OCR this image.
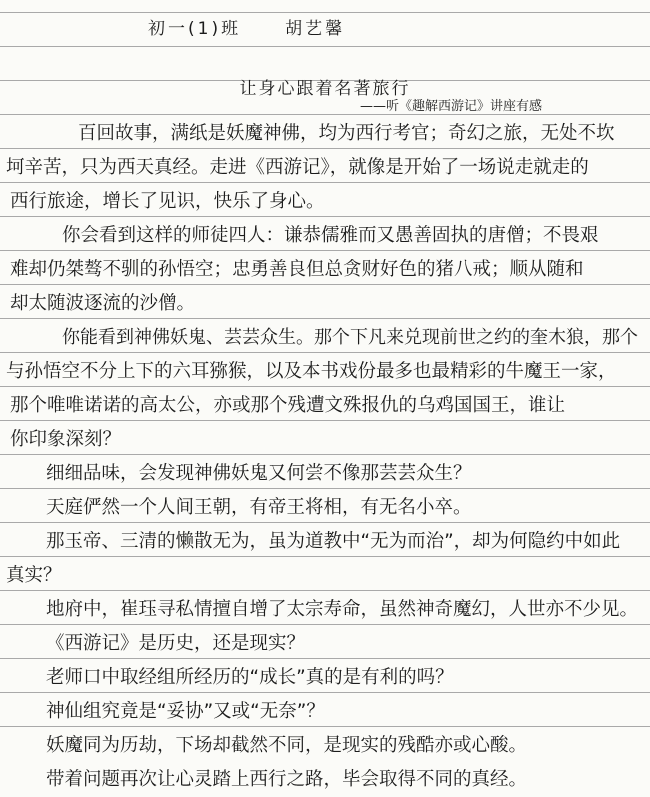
初一(1)班	胡艺馨
让身心跟着名著旅行
——听《趣解西游记》讲座有感
百回故事，满纸是妖魔神佛，均为西行考官；奇幻之旅，无处不坎
坷辛苦，只为西天真经。走进《西游记》，就像是开始了一场说走就走的
西行旅途，增长了见识，快乐了身心。
你会看到这样的师徒四人：谦恭儒雅而又愚善固执的唐僧；不畏艰
难却仍桀骜不驯的孙悟空；忠勇善良但总贪财好色的猪八戒；顺从随和
却太随波逐流的沙僧。
你能看到神佛妖鬼、芸芸众生。那个下凡来兑现前世之约的奎木狼，那个
与孙悟空不分上下的六耳猕猴，以及本书戏份最多也最精彩的牛魔王一家，
那个唯唯诺诺的高太公，亦或那个残遭文殊报仇的乌鸡国国王，谁让
你印象深刻？
细细品味，会发现神佛妖鬼又何尝不像那芸芸众生？
天庭俨然一个人间王朝，有帝王将相，有无名小卒。
那玉帝、三清的懒散无为，虽为道教中“无为而治”，却为何隐约中如此
真实？
地府中，崔珏寻私情擅自增了太宗寿命，虽然神奇魔幻，人世亦不少见。
《西游记》是历史，还是现实？
老师口中取经组所经历的“成长”真的是有利的吗？
神仙组究竟是“妥协”又或“无奈”？
妖魔同为历劫，下场却截然不同，是现实的残酷亦或心酸。
带着问题再次让心灵踏上西行之路，毕会取得不同的真经。
